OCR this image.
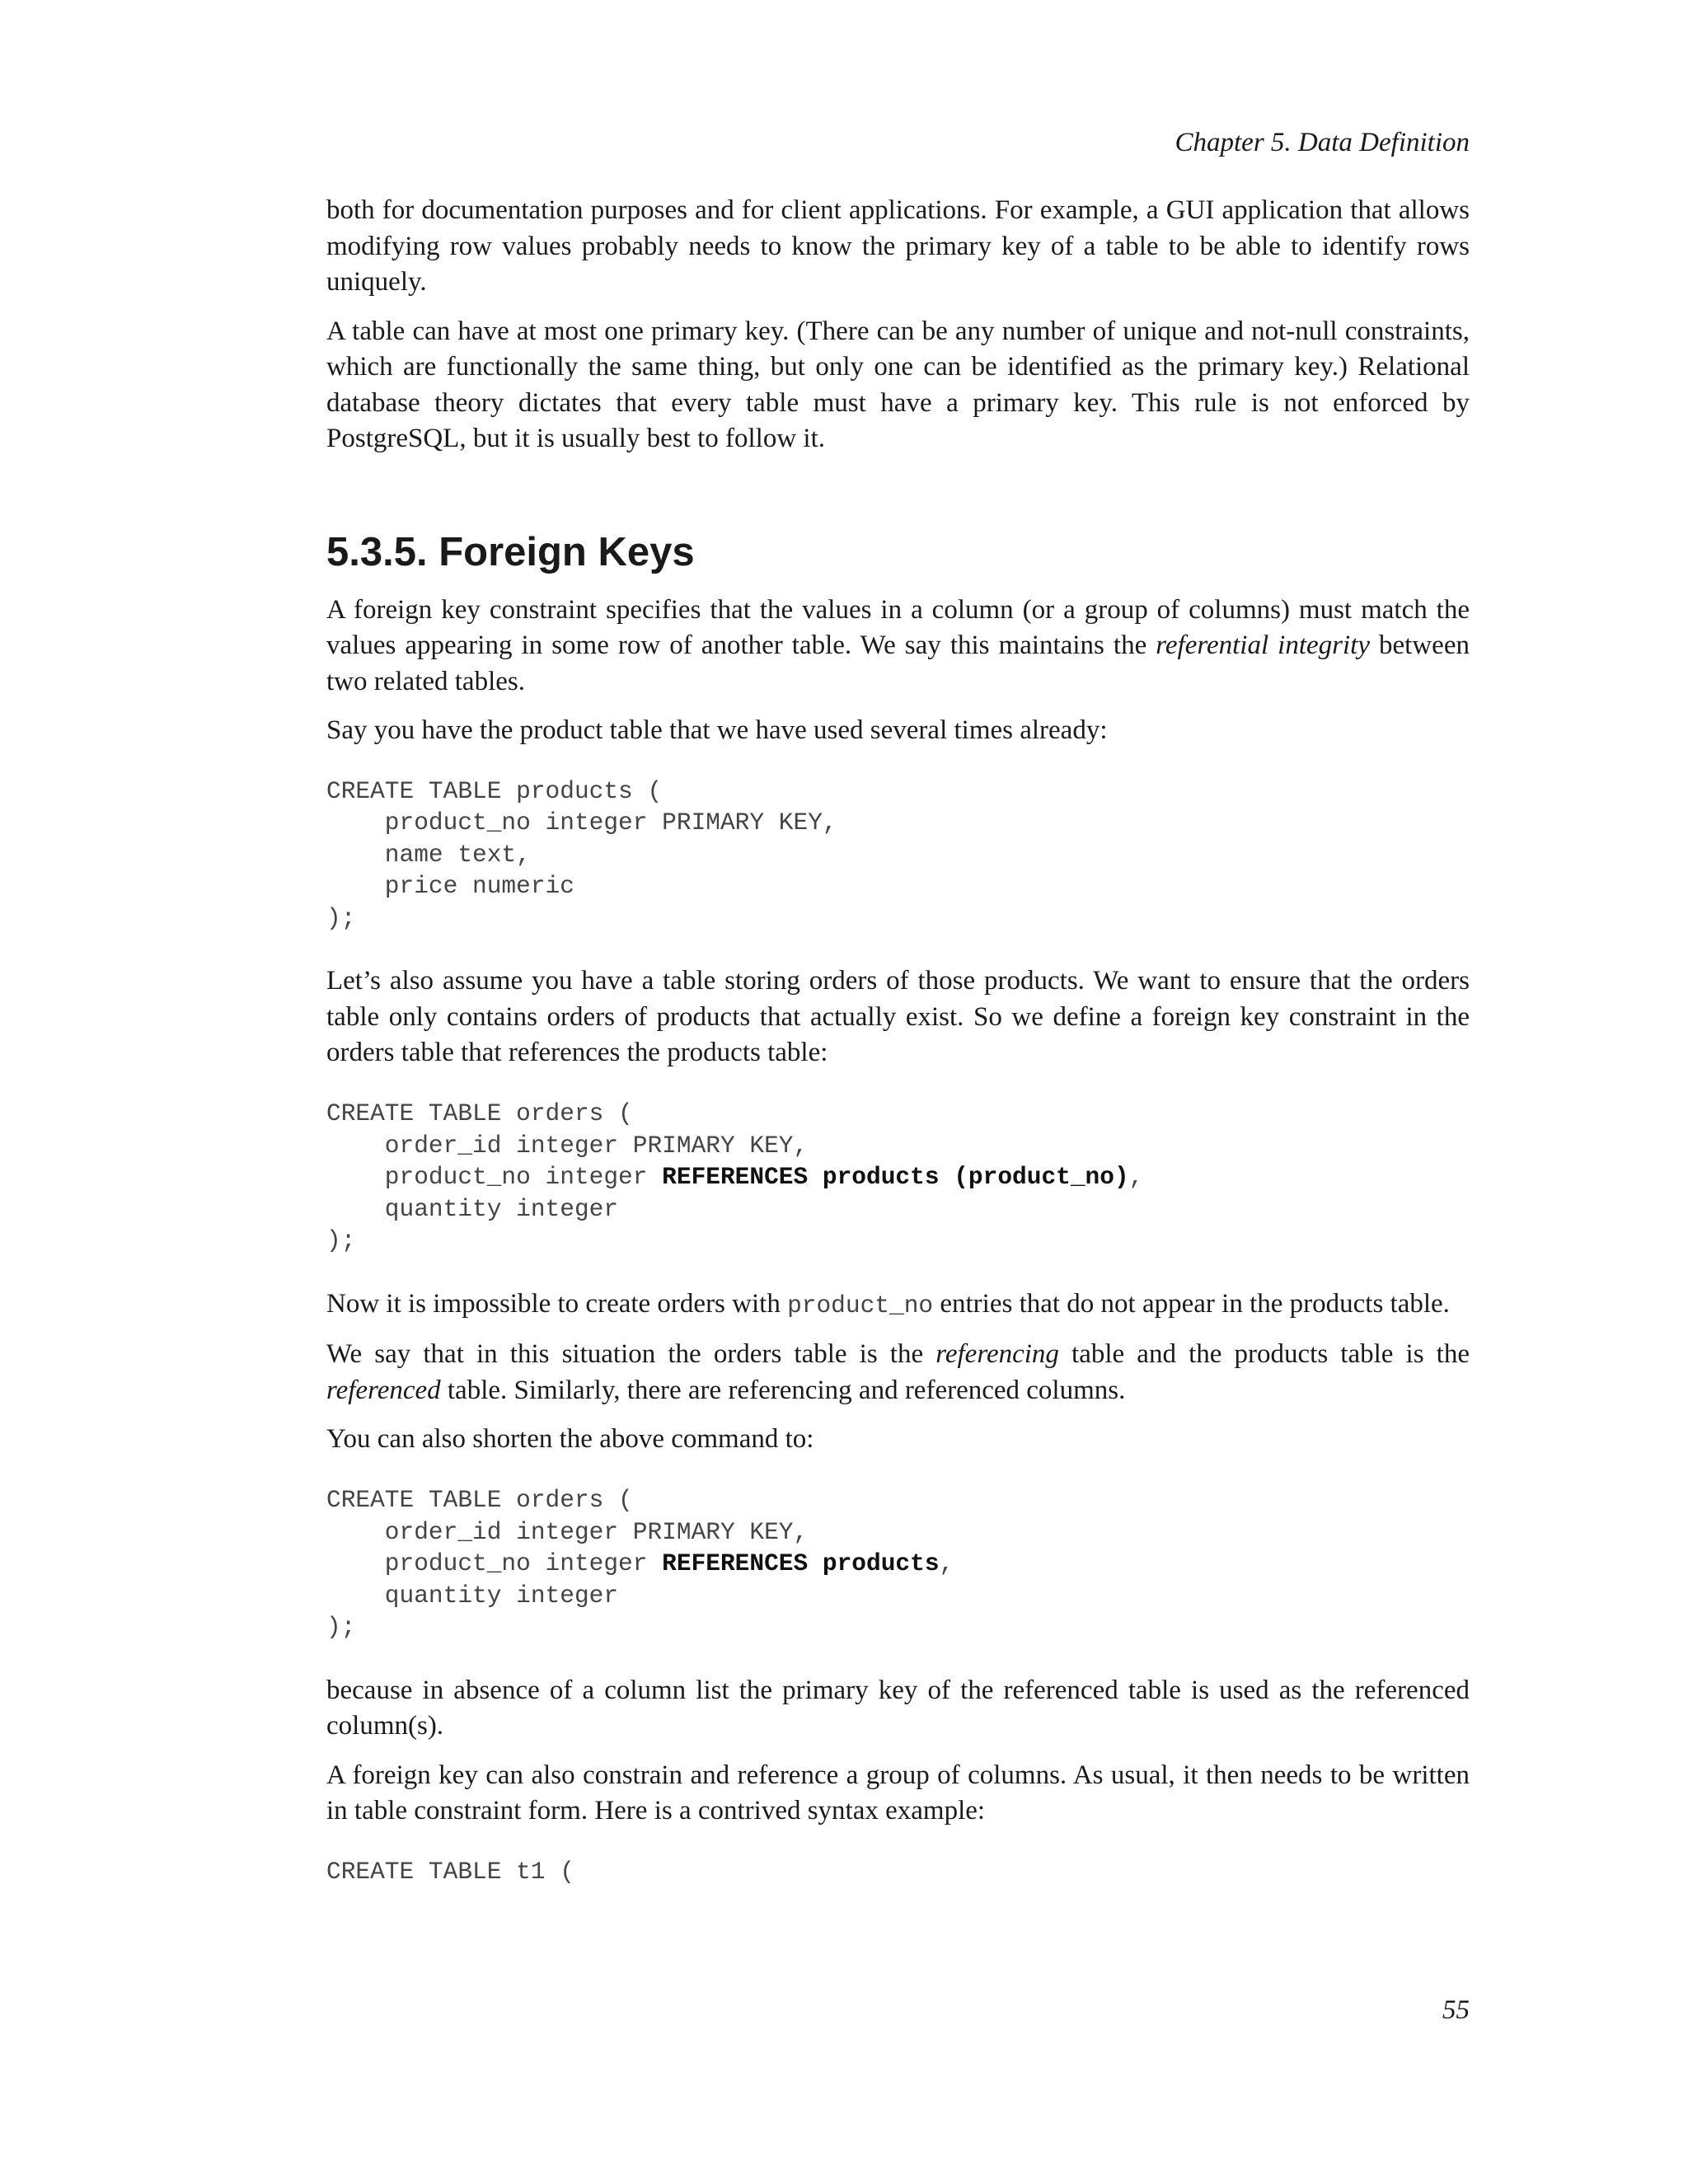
Chapter 5. Data Definition

both for documentation purposes and for client applications. For example, a GUI application that allows modifying row values probably needs to know the primary key of a table to be able to identify rows uniquely.

A table can have at most one primary key. (There can be any number of unique and not-null constraints, which are functionally the same thing, but only one can be identified as the primary key.) Relational database theory dictates that every table must have a primary key. This rule is not enforced by PostgreSQL, but it is usually best to follow it.

5.3.5. Foreign Keys

A foreign key constraint specifies that the values in a column (or a group of columns) must match the values appearing in some row of another table. We say this maintains the referential integrity between two related tables.

Say you have the product table that we have used several times already:

CREATE TABLE products (
product_no integer PRIMARY KEY,
name text,
price numeric
);

Let’s also assume you have a table storing orders of those products. We want to ensure that the orders table only contains orders of products that actually exist. So we define a foreign key constraint in the orders table that references the products table:

CREATE TABLE orders (
order_id integer PRIMARY KEY,
product_no integer REFERENCES products (product_no),
quantity integer
);

Now it is impossible to create orders with product_no entries that do not appear in the products table.

We say that in this situation the orders table is the referencing table and the products table is the referenced table. Similarly, there are referencing and referenced columns.

You can also shorten the above command to:

CREATE TABLE orders (
order_id integer PRIMARY KEY,
product_no integer REFERENCES products,
quantity integer
);

because in absence of a column list the primary key of the referenced table is used as the referenced column(s).

A foreign key can also constrain and reference a group of columns. As usual, it then needs to be written in table constraint form. Here is a contrived syntax example:

CREATE TABLE t1 (
55
